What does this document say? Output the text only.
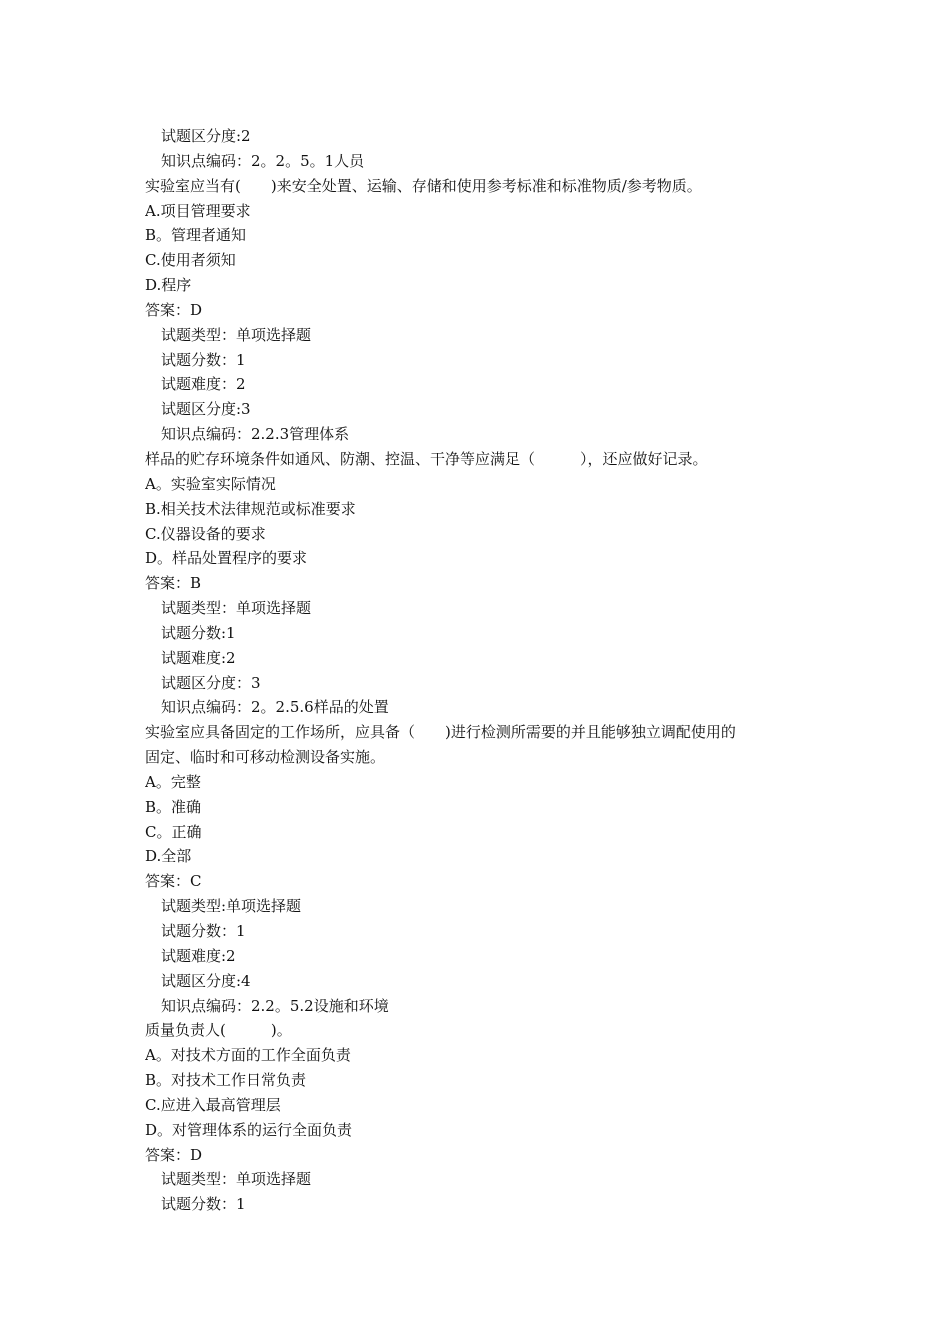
试题区分度:2
知识点编码：2。2。5。1人员
实验室应当有(　　)来安全处置、运输、存储和使用参考标准和标准物质/参考物质。
A.项目管理要求
B。管理者通知
C.使用者须知
D.程序
答案：D
试题类型：单项选择题
试题分数：1
试题难度：2
试题区分度:3
知识点编码：2.2.3管理体系
样品的贮存环境条件如通风、防潮、控温、干净等应满足（　　　），还应做好记录。
A。实验室实际情况
B.相关技术法律规范或标准要求
C.仪器设备的要求
D。样品处置程序的要求
答案：B
试题类型：单项选择题
试题分数:1
试题难度:2
试题区分度：3
知识点编码：2。2.5.6样品的处置
实验室应具备固定的工作场所，应具备（　　)进行检测所需要的并且能够独立调配使用的
固定、临时和可移动检测设备实施。
A。完整
B。准确
C。正确
D.全部
答案：C
试题类型:单项选择题
试题分数：1
试题难度:2
试题区分度:4
知识点编码：2.2。5.2设施和环境
质量负责人(　　　)。
A。对技术方面的工作全面负责
B。对技术工作日常负责
C.应进入最高管理层
D。对管理体系的运行全面负责
答案：D
试题类型：单项选择题
试题分数：1
